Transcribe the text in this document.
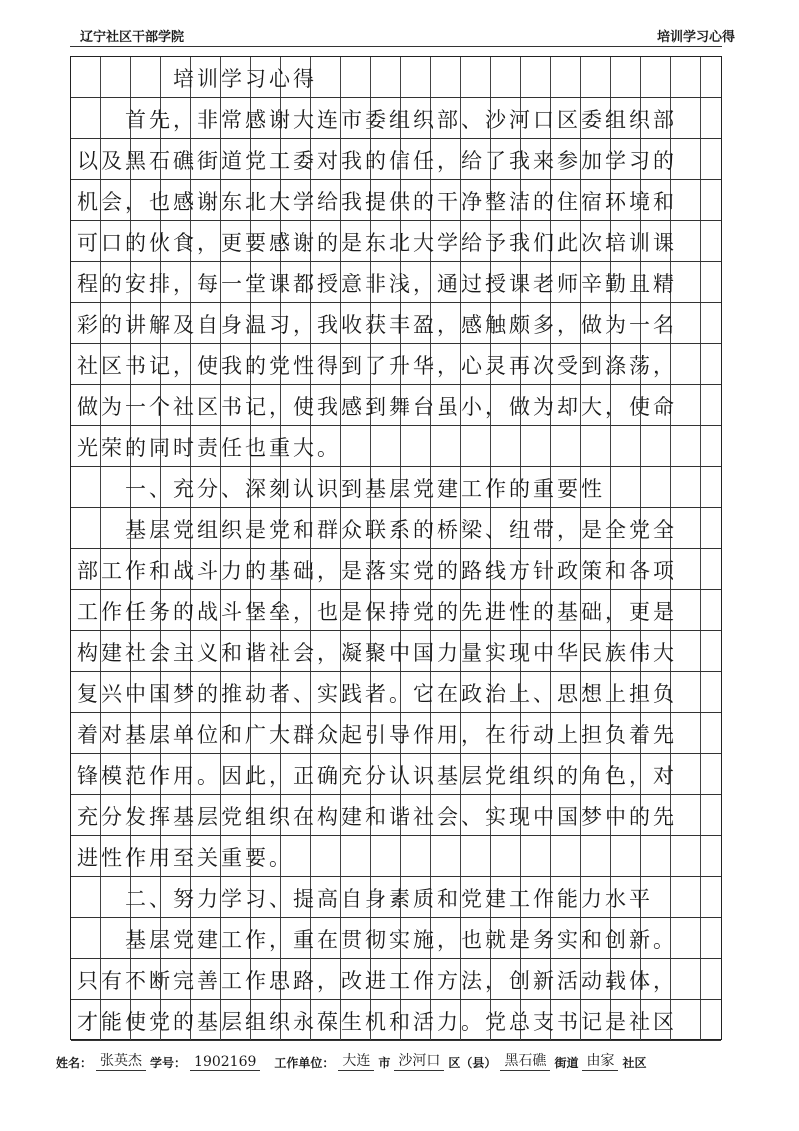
辽宁社区干部学院	培训学习心得
　　　　培训学习心得
　　首先，非常感谢大连市委组织部、沙河口区委组织部
以及黑石礁街道党工委对我的信任，给了我来参加学习的
机会，也感谢东北大学给我提供的干净整洁的住宿环境和
可口的伙食，更要感谢的是东北大学给予我们此次培训课
程的安排，每一堂课都授意非浅，通过授课老师辛勤且精
彩的讲解及自身温习，我收获丰盈，感触颇多，做为一名
社区书记，使我的党性得到了升华，心灵再次受到涤荡，
做为一个社区书记，使我感到舞台虽小，做为却大，使命
光荣的同时责任也重大。
　　一、充分、深刻认识到基层党建工作的重要性
　　基层党组织是党和群众联系的桥梁、纽带，是全党全
部工作和战斗力的基础，是落实党的路线方针政策和各项
工作任务的战斗堡垒，也是保持党的先进性的基础，更是
构建社会主义和谐社会，凝聚中国力量实现中华民族伟大
复兴中国梦的推动者、实践者。它在政治上、思想上担负
着对基层单位和广大群众起引导作用，在行动上担负着先
锋模范作用。因此，正确充分认识基层党组织的角色，对
充分发挥基层党组织在构建和谐社会、实现中国梦中的先
进性作用至关重要。
　　二、努力学习、提高自身素质和党建工作能力水平
　　基层党建工作，重在贯彻实施，也就是务实和创新。
只有不断完善工作思路，改进工作方法，创新活动载体，
才能使党的基层组织永葆生机和活力。党总支书记是社区
姓名： 张英杰 学号： 1902169	工作单位： 大连 市 沙河口 区（县） 黑石礁 街道 由家 社区
